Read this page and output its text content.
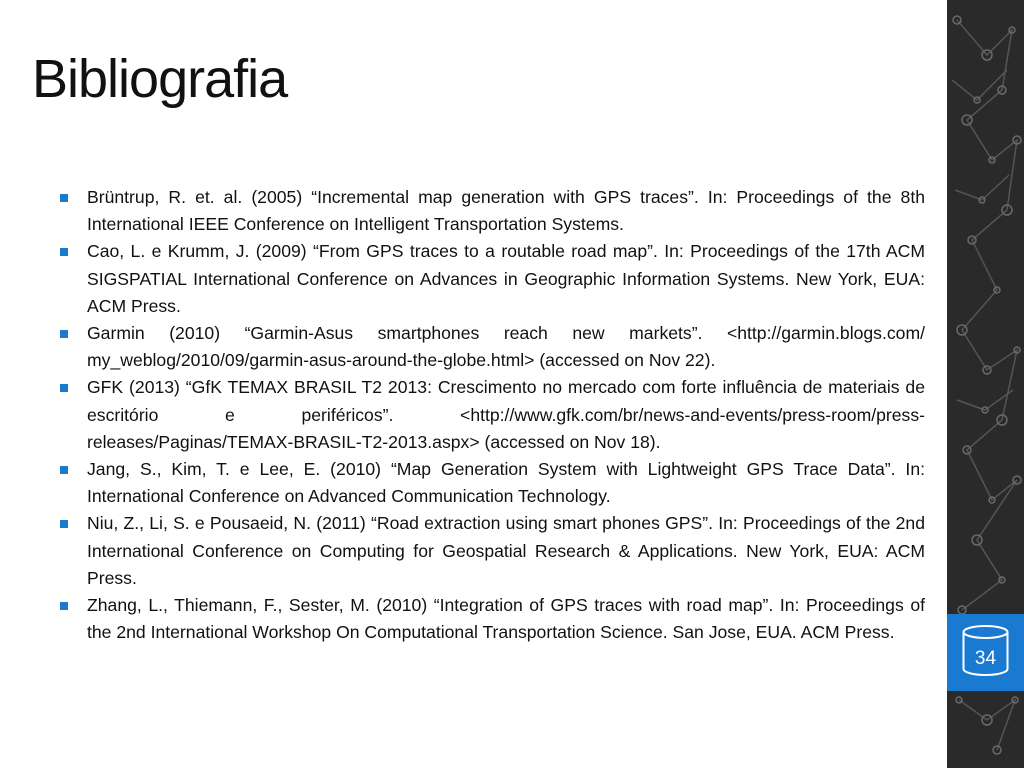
Bibliografia
Brüntrup, R. et. al. (2005) “Incremental map generation with GPS traces”. In: Proceedings of the 8th International IEEE Conference on Intelligent Transportation Systems.
Cao, L. e Krumm, J. (2009) “From GPS traces to a routable road map”. In: Proceedings of the 17th ACM SIGSPATIAL International Conference on Advances in Geographic Information Systems. New York, EUA: ACM Press.
Garmin (2010) “Garmin-Asus smartphones reach new markets”. <http://garmin.blogs.com/ my_weblog/2010/09/garmin-asus-around-the-globe.html> (accessed on Nov 22).
GFK (2013) “GfK TEMAX BRASIL T2 2013: Crescimento no mercado com forte influência de materiais de escritório e periféricos”. <http://www.gfk.com/br/news-and-events/press-room/press-releases/Paginas/TEMAX-BRASIL-T2-2013.aspx> (accessed on Nov 18).
Jang, S., Kim, T. e Lee, E. (2010) “Map Generation System with Lightweight GPS Trace Data”. In: International Conference on Advanced Communication Technology.
Niu, Z., Li, S. e Pousaeid, N. (2011) “Road extraction using smart phones GPS”. In: Proceedings of the 2nd International Conference on Computing for Geospatial Research & Applications. New York, EUA: ACM Press.
Zhang, L., Thiemann, F., Sester, M. (2010) “Integration of GPS traces with road map”. In: Proceedings of the 2nd International Workshop On Computational Transportation Science. San Jose, EUA. ACM Press.
34
